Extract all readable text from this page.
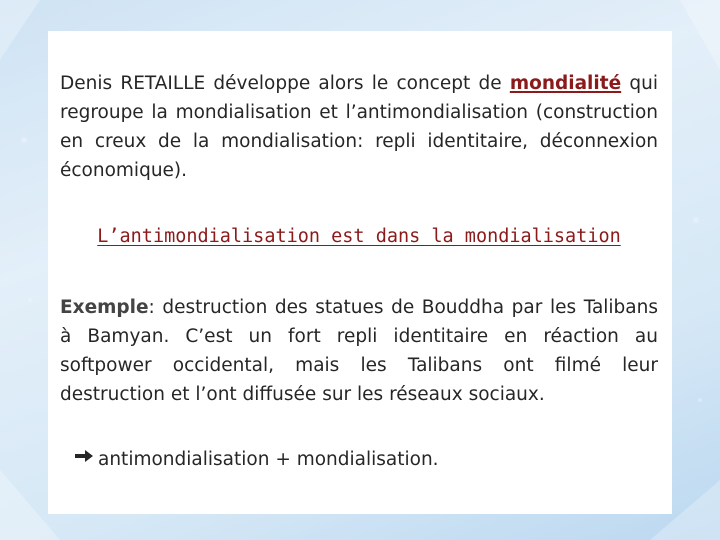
Denis RETAILLE développe alors le concept de mondialité qui regroupe la mondialisation et l’antimondialisation (construction en creux de la mondialisation: repli identitaire, déconnexion économique).

L’antimondialisation est dans la mondialisation

Exemple: destruction des statues de Bouddha par les Talibans à Bamyan. C’est un fort repli identitaire en réaction au softpower occidental, mais les Talibans ont filmé leur destruction et l’ont diffusée sur les réseaux sociaux.

antimondialisation + mondialisation.
